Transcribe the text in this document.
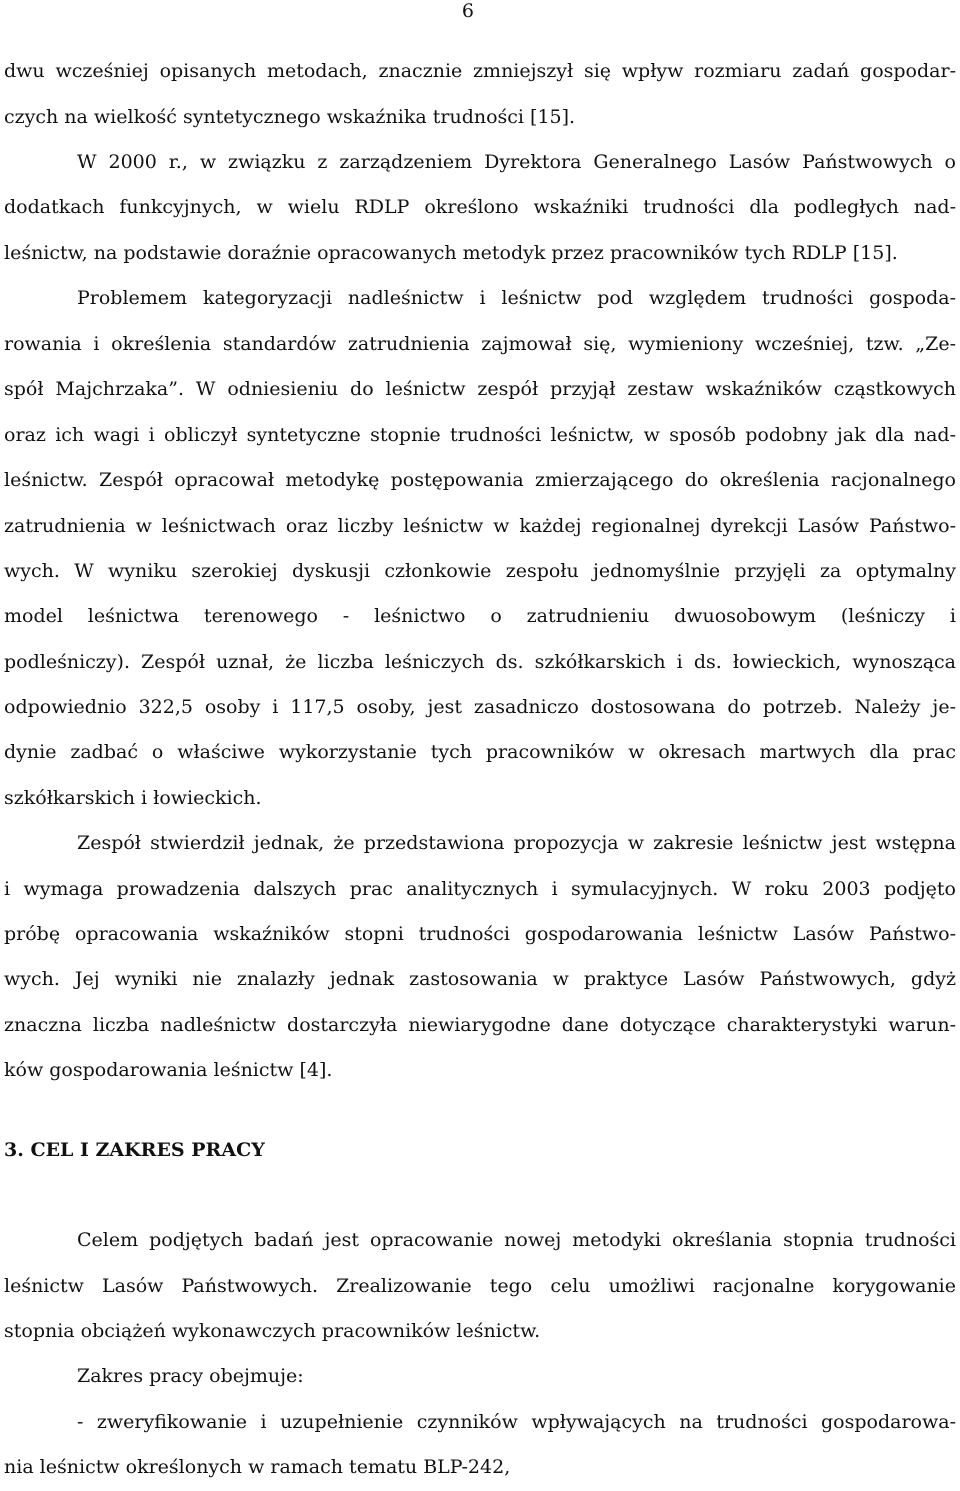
6
dwu wcześniej opisanych metodach, znacznie zmniejszył się wpływ rozmiaru zadań gospodar-
czych na wielkość syntetycznego wskaźnika trudności [15].
W 2000 r., w związku z zarządzeniem Dyrektora Generalnego Lasów Państwowych o
dodatkach funkcyjnych, w wielu RDLP określono wskaźniki trudności dla podległych nad-
leśnictw, na podstawie doraźnie opracowanych metodyk przez pracowników tych RDLP [15].
Problemem kategoryzacji nadleśnictw i leśnictw pod względem trudności gospoda-
rowania i określenia standardów zatrudnienia zajmował się, wymieniony wcześniej, tzw. „Ze-
spół Majchrzaka”. W odniesieniu do leśnictw zespół przyjął zestaw wskaźników cząstkowych
oraz ich wagi i obliczył syntetyczne stopnie trudności leśnictw, w sposób podobny jak dla nad-
leśnictw. Zespół opracował metodykę postępowania zmierzającego do określenia racjonalnego
zatrudnienia w leśnictwach oraz liczby leśnictw w każdej regionalnej dyrekcji Lasów Państwo-
wych. W wyniku szerokiej dyskusji członkowie zespołu jednomyślnie przyjęli za optymalny
model leśnictwa terenowego - leśnictwo o zatrudnieniu dwuosobowym (leśniczy i
podleśniczy). Zespół uznał, że liczba leśniczych ds. szkółkarskich i ds. łowieckich, wynosząca
odpowiednio 322,5 osoby i 117,5 osoby, jest zasadniczo dostosowana do potrzeb. Należy je-
dynie zadbać o właściwe wykorzystanie tych pracowników w okresach martwych dla prac
szkółkarskich i łowieckich.
Zespół stwierdził jednak, że przedstawiona propozycja w zakresie leśnictw jest wstępna
i wymaga prowadzenia dalszych prac analitycznych i symulacyjnych. W roku 2003 podjęto
próbę opracowania wskaźników stopni trudności gospodarowania leśnictw Lasów Państwo-
wych. Jej wyniki nie znalazły jednak zastosowania w praktyce Lasów Państwowych, gdyż
znaczna liczba nadleśnictw dostarczyła niewiarygodne dane dotyczące charakterystyki warun-
ków gospodarowania leśnictw [4].
3. CEL I ZAKRES PRACY
Celem podjętych badań jest opracowanie nowej metodyki określania stopnia trudności
leśnictw Lasów Państwowych. Zrealizowanie tego celu umożliwi racjonalne korygowanie
stopnia obciążeń wykonawczych pracowników leśnictw.
Zakres pracy obejmuje:
- zweryfikowanie i uzupełnienie czynników wpływających na trudności gospodarowa-
nia leśnictw określonych w ramach tematu BLP-242,
